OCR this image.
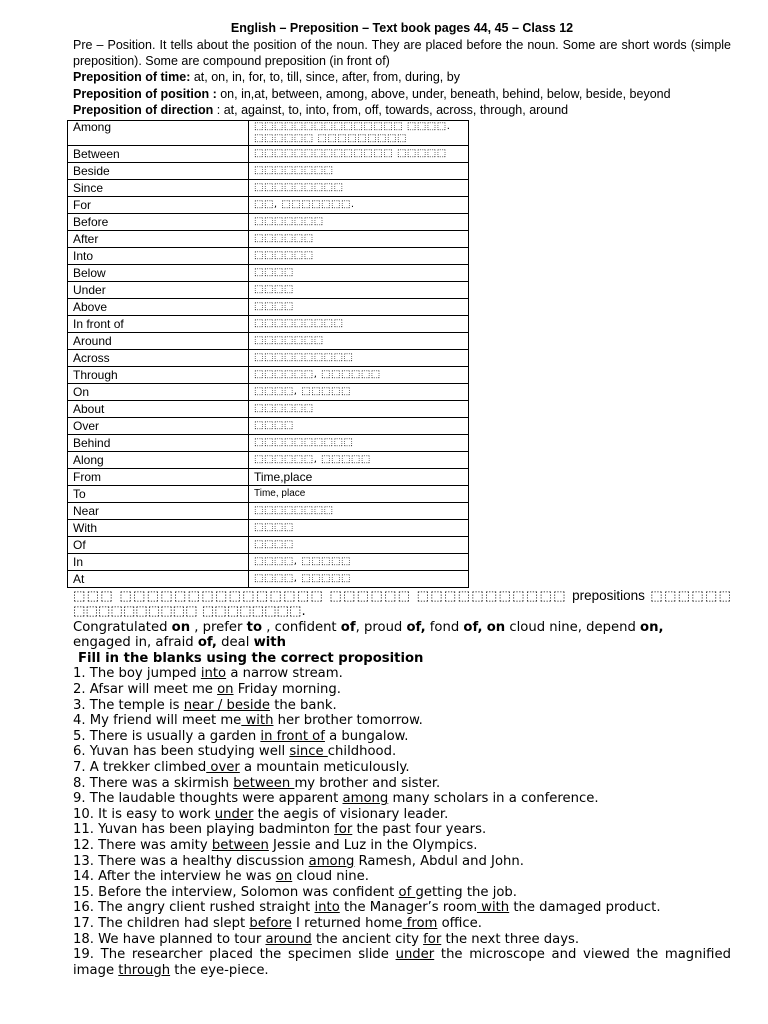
English – Preposition – Text book pages 44, 45 – Class 12

Pre – Position. It tells about the position of the noun. They are placed before the noun. Some are short words (simple preposition). Some are compound preposition (in front of)

Preposition of time: at, on, in, for, to, till, since, after, from, during, by

Preposition of position : on, in,at, between, among, above, under, beneath, behind, below, beside, beyond

Preposition of direction : at, against, to, into, from, off, towards, across, through, around

Among	⬚⬚⬚⬚⬚⬚⬚⬚⬚⬚⬚⬚⬚⬚⬚ ⬚⬚⬚⬚. ⬚⬚⬚⬚⬚⬚ ⬚⬚⬚⬚⬚⬚⬚⬚⬚
Between	⬚⬚⬚⬚⬚⬚⬚⬚⬚⬚⬚⬚⬚⬚ ⬚⬚⬚⬚⬚
Beside	⬚⬚⬚⬚⬚⬚⬚⬚
Since	⬚⬚⬚⬚⬚⬚⬚⬚⬚
For	⬚⬚, ⬚⬚⬚⬚⬚⬚⬚.
Before	⬚⬚⬚⬚⬚⬚⬚
After	⬚⬚⬚⬚⬚⬚
Into	⬚⬚⬚⬚⬚⬚
Below	⬚⬚⬚⬚
Under	⬚⬚⬚⬚
Above	⬚⬚⬚⬚
In front of	⬚⬚⬚⬚⬚⬚⬚⬚⬚
Around	⬚⬚⬚⬚⬚⬚⬚
Across	⬚⬚⬚⬚⬚⬚⬚⬚⬚⬚
Through	⬚⬚⬚⬚⬚⬚, ⬚⬚⬚⬚⬚⬚
On	⬚⬚⬚⬚, ⬚⬚⬚⬚⬚
About	⬚⬚⬚⬚⬚⬚
Over	⬚⬚⬚⬚
Behind	⬚⬚⬚⬚⬚⬚⬚⬚⬚⬚
Along	⬚⬚⬚⬚⬚⬚, ⬚⬚⬚⬚⬚
From	Time,place
To	Time, place
Near	⬚⬚⬚⬚⬚⬚⬚⬚
With	⬚⬚⬚⬚
Of	⬚⬚⬚⬚
In	⬚⬚⬚⬚, ⬚⬚⬚⬚⬚
At	⬚⬚⬚⬚, ⬚⬚⬚⬚⬚

⬚⬚⬚ ⬚⬚⬚⬚⬚⬚⬚⬚⬚⬚⬚⬚⬚⬚⬚ ⬚⬚⬚⬚⬚⬚ ⬚⬚⬚⬚⬚⬚⬚⬚⬚⬚⬚ prepositions ⬚⬚⬚⬚⬚⬚ ⬚⬚⬚⬚⬚⬚⬚⬚⬚⬚ ⬚⬚⬚⬚⬚⬚⬚⬚.

Congratulated on , prefer to , confident of, proud of, fond of, on cloud nine, depend on,

engaged in, afraid of, deal with

Fill in the blanks using the correct proposition

1. The boy jumped into a narrow stream.

2. Afsar will meet me on Friday morning.

3. The temple is near / beside the bank.

4. My friend will meet me with her brother tomorrow.

5. There is usually a garden in front of a bungalow.

6. Yuvan has been studying well since childhood.

7. A trekker climbed over a mountain meticulously.

8. There was a skirmish between my brother and sister.

9. The laudable thoughts were apparent among many scholars in a conference.

10. It is easy to work under the aegis of visionary leader.

11. Yuvan has been playing badminton for the past four years.

12. There was amity between Jessie and Luz in the Olympics.

13. There was a healthy discussion among Ramesh, Abdul and John.

14. After the interview he was on cloud nine.

15. Before the interview, Solomon was confident of getting the job.

16. The angry client rushed straight into the Manager’s room with the damaged product.

17. The children had slept before I returned home from office.

18. We have planned to tour around the ancient city for the next three days.

19. The researcher placed the specimen slide under the microscope and viewed the magnified image through the eye-piece.
